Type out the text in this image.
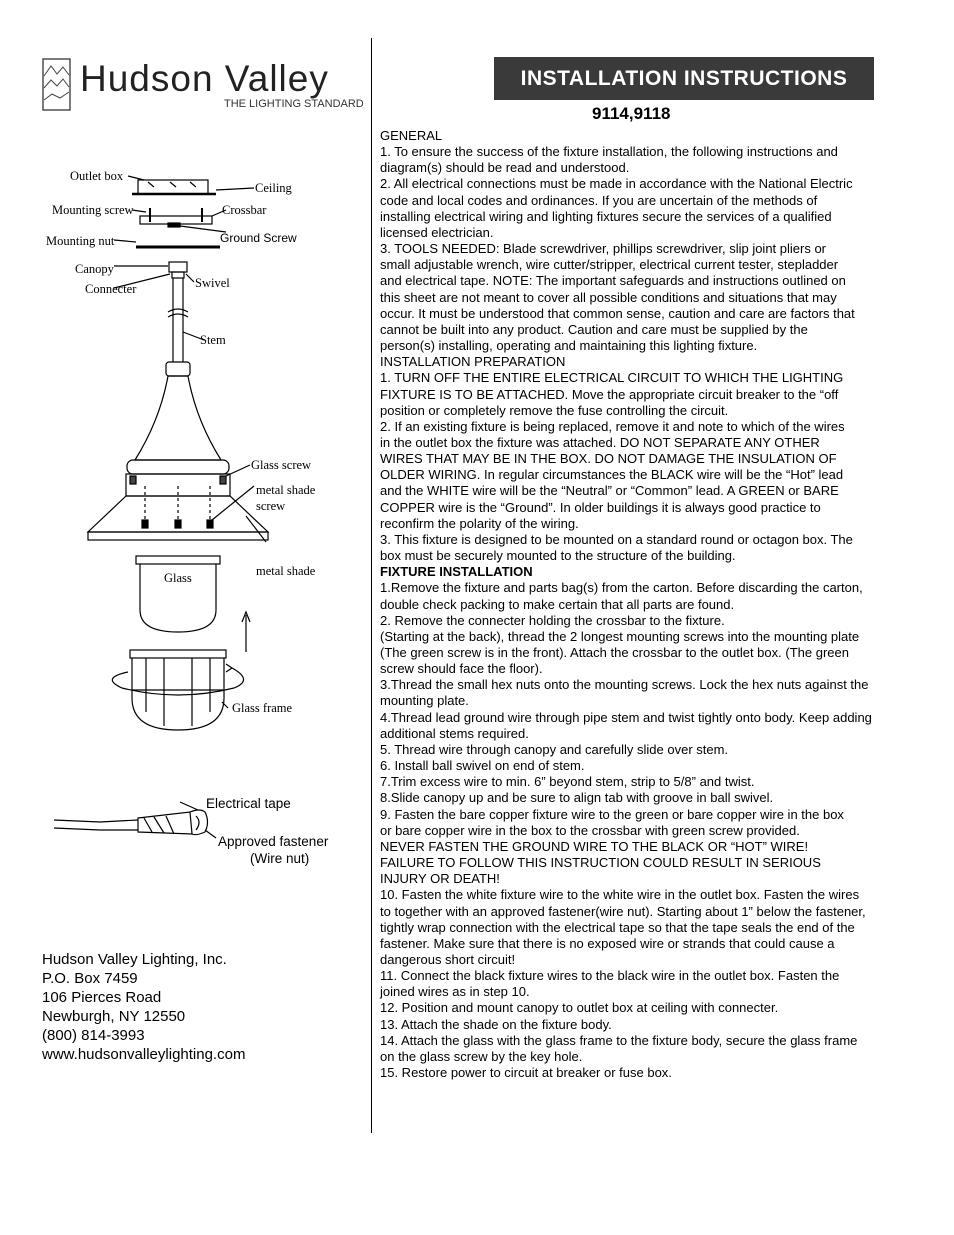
Hudson Valley
THE LIGHTING STANDARD
INSTALLATION INSTRUCTIONS
9114,9118
Outlet box
Ceiling
Mounting screw	Crossbar
Ground Screw
Mounting nut
Canopy
Connecter	Swivel
Stem
Glass screw
metal shade
screw
Glass	metal shade
Glass frame
Electrical tape
Approved fastener
(Wire nut)
Hudson Valley Lighting, Inc.
P.O. Box 7459
106 Pierces Road
Newburgh, NY 12550
(800) 814-3993
www.hudsonvalleylighting.com
GENERAL
1. To ensure the success of the fixture installation, the following instructions and
diagram(s) should be read and understood.
2. All electrical connections must be made in accordance with the National Electric
code and local codes and ordinances. If you are uncertain of the methods of
installing electrical wiring and lighting fixtures secure the services of a qualified
licensed electrician.
3. TOOLS NEEDED: Blade screwdriver, phillips screwdriver, slip joint pliers or
small adjustable wrench, wire cutter/stripper, electrical current tester, stepladder
and electrical tape. NOTE: The important safeguards and instructions outlined on
this sheet are not meant to cover all possible conditions and situations that may
occur. It must be understood that common sense, caution and care are factors that
cannot be built into any product. Caution and care must be supplied by the
person(s) installing, operating and maintaining this lighting fixture.
INSTALLATION PREPARATION
1. TURN OFF THE ENTIRE ELECTRICAL CIRCUIT TO WHICH THE LIGHTING
FIXTURE IS TO BE ATTACHED. Move the appropriate circuit breaker to the “off
position or completely remove the fuse controlling the circuit.
2. If an existing fixture is being replaced, remove it and note to which of the wires
in the outlet box the fixture was attached. DO NOT SEPARATE ANY OTHER
WIRES THAT MAY BE IN THE BOX. DO NOT DAMAGE THE INSULATION OF
OLDER WIRING. In regular circumstances the BLACK wire will be the “Hot” lead
and the WHITE wire will be the “Neutral” or “Common” lead. A GREEN or BARE
COPPER wire is the “Ground”. In older buildings it is always good practice to
reconfirm the polarity of the wiring.
3. This fixture is designed to be mounted on a standard round or octagon box. The
box must be securely mounted to the structure of the building.
FIXTURE INSTALLATION
1.Remove the fixture and parts bag(s) from the carton. Before discarding the carton,
double check packing to make certain that all parts are found.
2. Remove the connecter holding the crossbar to the fixture.
(Starting at the back), thread the 2 longest mounting screws into the mounting plate
(The green screw is in the front). Attach the crossbar to the outlet box. (The green
screw should face the floor).
3.Thread the small hex nuts onto the mounting screws. Lock the hex nuts against the
mounting plate.
4.Thread lead ground wire through pipe stem and twist tightly onto body. Keep adding
additional stems required.
5. Thread wire through canopy and carefully slide over stem.
6. Install ball swivel on end of stem.
7.Trim excess wire to min. 6” beyond stem, strip to 5/8” and twist.
8.Slide canopy up and be sure to align tab with groove in ball swivel.
9. Fasten the bare copper fixture wire to the green or bare copper wire in the box
or bare copper wire in the box to the crossbar with green screw provided.
NEVER FASTEN THE GROUND WIRE TO THE BLACK OR “HOT” WIRE!
FAILURE TO FOLLOW THIS INSTRUCTION COULD RESULT IN SERIOUS
INJURY OR DEATH!
10. Fasten the white fixture wire to the white wire in the outlet box. Fasten the wires
to together with an approved fastener(wire nut). Starting about 1” below the fastener,
tightly wrap connection with the electrical tape so that the tape seals the end of the
fastener. Make sure that there is no exposed wire or strands that could cause a
dangerous short circuit!
11. Connect the black fixture wires to the black wire in the outlet box. Fasten the
joined wires as in step 10.
12. Position and mount canopy to outlet box at ceiling with connecter.
13. Attach the shade on the fixture body.
14. Attach the glass with the glass frame to the fixture body, secure the glass frame
on the glass screw by the key hole.
15. Restore power to circuit at breaker or fuse box.
